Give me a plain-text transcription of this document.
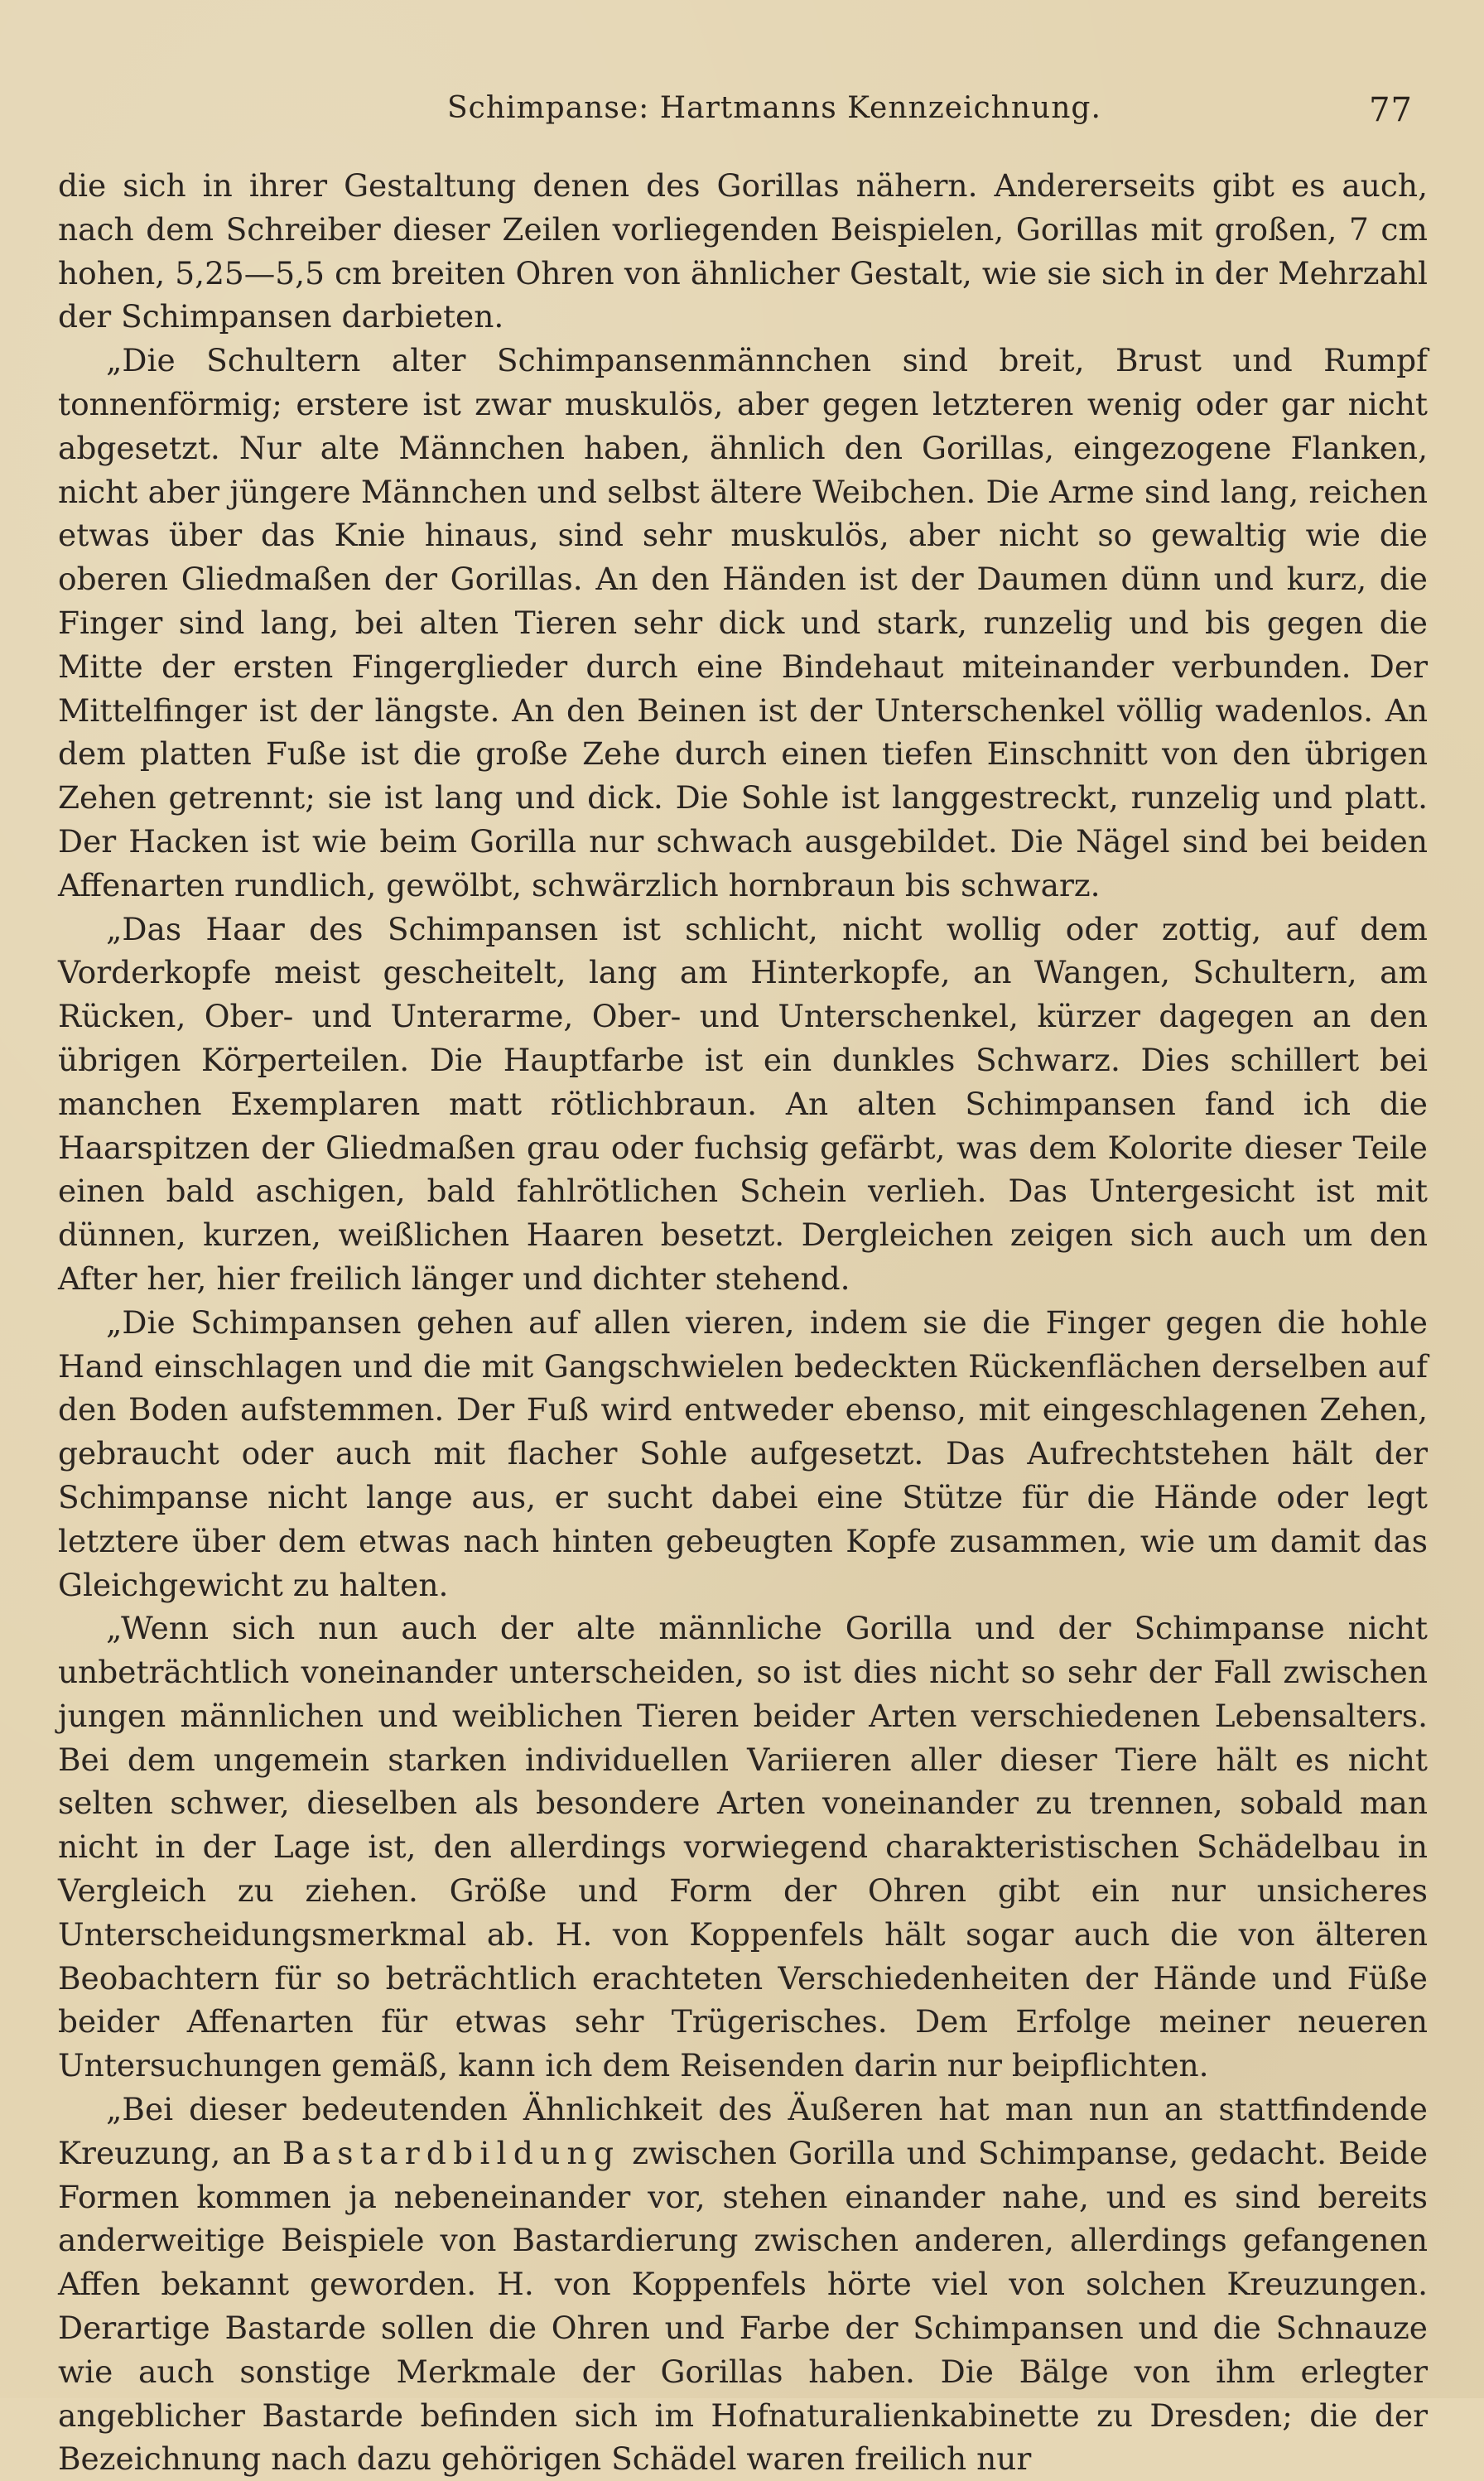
Schimpanse: Hartmanns Kennzeichnung.	77

die sich in ihrer Gestaltung denen des Gorillas nähern. Andererseits gibt es auch, nach dem Schreiber dieser Zeilen vorliegenden Beispielen, Gorillas mit großen, 7 cm hohen, 5,25—5,5 cm breiten Ohren von ähnlicher Gestalt, wie sie sich in der Mehrzahl der Schimpansen darbieten.

„Die Schultern alter Schimpansenmännchen sind breit, Brust und Rumpf tonnenförmig; erstere ist zwar muskulös, aber gegen letzteren wenig oder gar nicht abgesetzt. Nur alte Männchen haben, ähnlich den Gorillas, eingezogene Flanken, nicht aber jüngere Männchen und selbst ältere Weibchen. Die Arme sind lang, reichen etwas über das Knie hinaus, sind sehr muskulös, aber nicht so gewaltig wie die oberen Gliedmaßen der Gorillas. An den Händen ist der Daumen dünn und kurz, die Finger sind lang, bei alten Tieren sehr dick und stark, runzelig und bis gegen die Mitte der ersten Fingerglieder durch eine Bindehaut miteinander verbunden. Der Mittelfinger ist der längste. An den Beinen ist der Unterschenkel völlig wadenlos. An dem platten Fuße ist die große Zehe durch einen tiefen Einschnitt von den übrigen Zehen getrennt; sie ist lang und dick. Die Sohle ist langgestreckt, runzelig und platt. Der Hacken ist wie beim Gorilla nur schwach ausgebildet. Die Nägel sind bei beiden Affenarten rundlich, gewölbt, schwärzlich hornbraun bis schwarz.

„Das Haar des Schimpansen ist schlicht, nicht wollig oder zottig, auf dem Vorderkopfe meist gescheitelt, lang am Hinterkopfe, an Wangen, Schultern, am Rücken, Ober- und Unterarme, Ober- und Unterschenkel, kürzer dagegen an den übrigen Körperteilen. Die Hauptfarbe ist ein dunkles Schwarz. Dies schillert bei manchen Exemplaren matt rötlichbraun. An alten Schimpansen fand ich die Haarspitzen der Gliedmaßen grau oder fuchsig gefärbt, was dem Kolorite dieser Teile einen bald aschigen, bald fahlrötlichen Schein verlieh. Das Untergesicht ist mit dünnen, kurzen, weißlichen Haaren besetzt. Dergleichen zeigen sich auch um den After her, hier freilich länger und dichter stehend.

„Die Schimpansen gehen auf allen vieren, indem sie die Finger gegen die hohle Hand einschlagen und die mit Gangschwielen bedeckten Rückenflächen derselben auf den Boden aufstemmen. Der Fuß wird entweder ebenso, mit eingeschlagenen Zehen, gebraucht oder auch mit flacher Sohle aufgesetzt. Das Aufrechtstehen hält der Schimpanse nicht lange aus, er sucht dabei eine Stütze für die Hände oder legt letztere über dem etwas nach hinten gebeugten Kopfe zusammen, wie um damit das Gleichgewicht zu halten.

„Wenn sich nun auch der alte männliche Gorilla und der Schimpanse nicht unbeträchtlich voneinander unterscheiden, so ist dies nicht so sehr der Fall zwischen jungen männlichen und weiblichen Tieren beider Arten verschiedenen Lebensalters. Bei dem ungemein starken individuellen Variieren aller dieser Tiere hält es nicht selten schwer, dieselben als besondere Arten voneinander zu trennen, sobald man nicht in der Lage ist, den allerdings vorwiegend charakteristischen Schädelbau in Vergleich zu ziehen. Größe und Form der Ohren gibt ein nur unsicheres Unterscheidungsmerkmal ab. H. von Koppenfels hält sogar auch die von älteren Beobachtern für so beträchtlich erachteten Verschiedenheiten der Hände und Füße beider Affenarten für etwas sehr Trügerisches. Dem Erfolge meiner neueren Untersuchungen gemäß, kann ich dem Reisenden darin nur beipflichten.

„Bei dieser bedeutenden Ähnlichkeit des Äußeren hat man nun an stattfindende Kreuzung, an Bastardbildung zwischen Gorilla und Schimpanse, gedacht. Beide Formen kommen ja nebeneinander vor, stehen einander nahe, und es sind bereits anderweitige Beispiele von Bastardierung zwischen anderen, allerdings gefangenen Affen bekannt geworden. H. von Koppenfels hörte viel von solchen Kreuzungen. Derartige Bastarde sollen die Ohren und Farbe der Schimpansen und die Schnauze wie auch sonstige Merkmale der Gorillas haben. Die Bälge von ihm erlegter angeblicher Bastarde befinden sich im Hofnaturalienkabinette zu Dresden; die der Bezeichnung nach dazu gehörigen Schädel waren freilich nur
